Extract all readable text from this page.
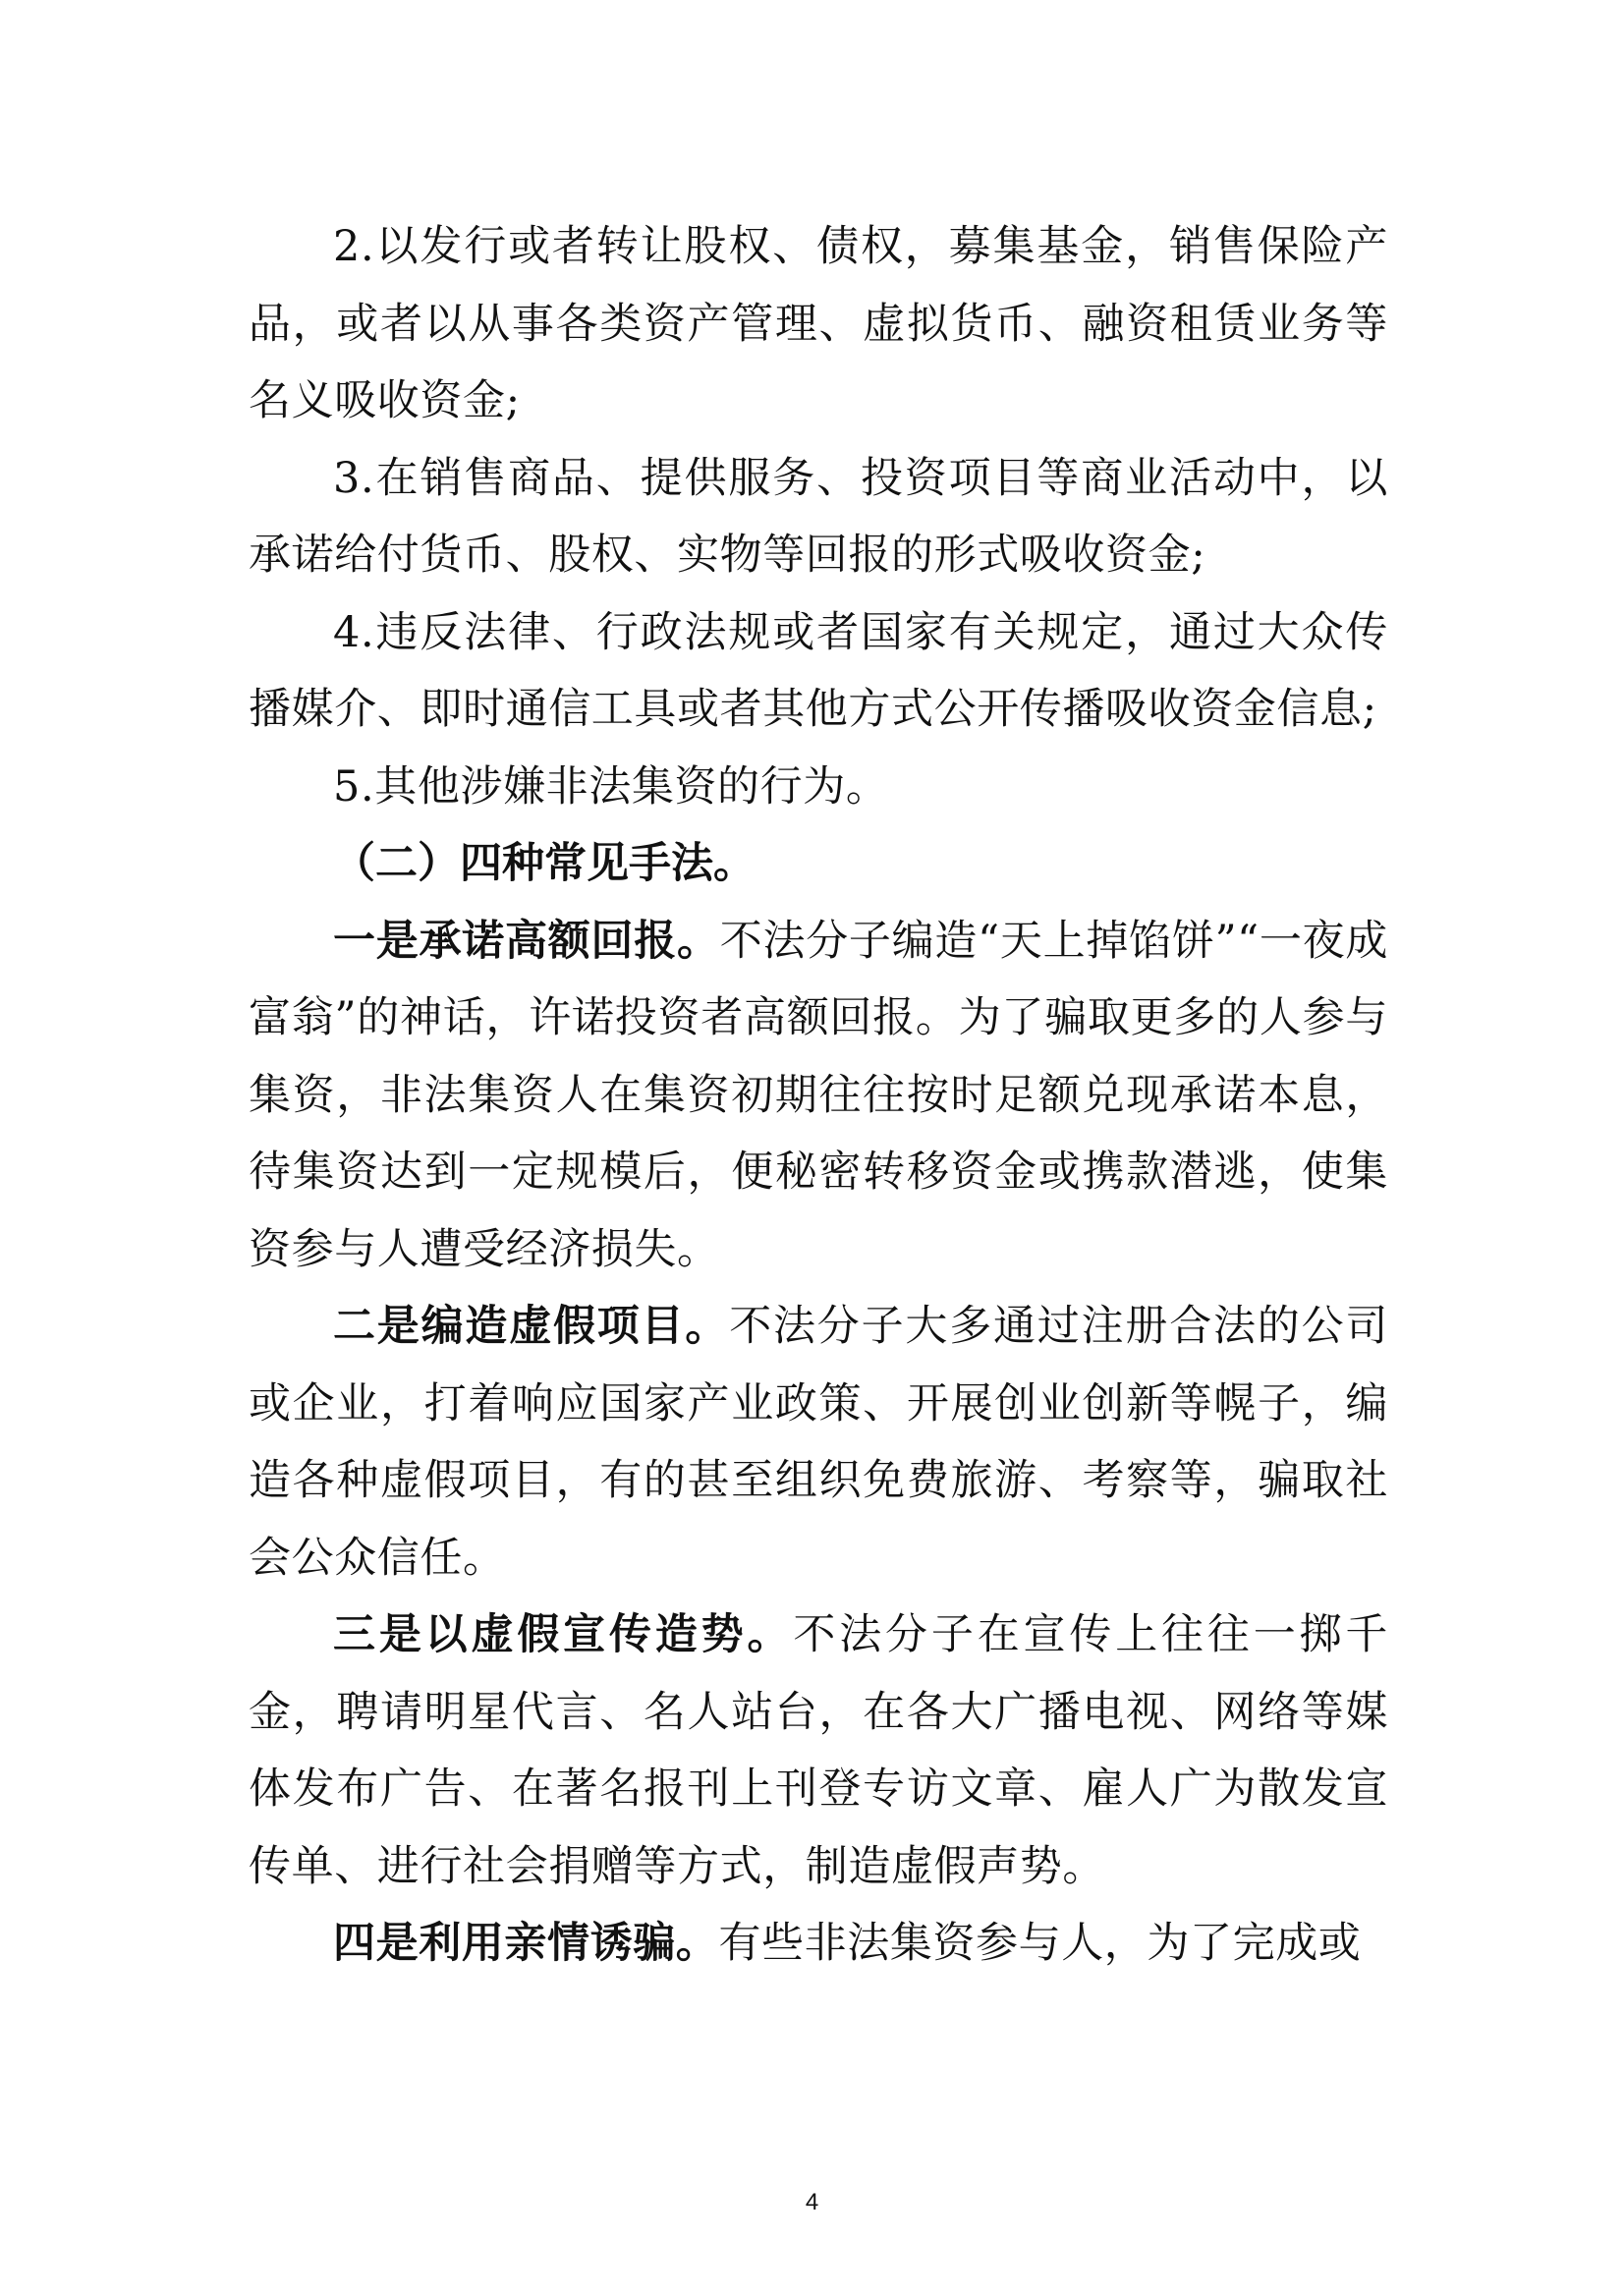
2.以发行或者转让股权、债权，募集基金，销售保险产品，或者以从事各类资产管理、虚拟货币、融资租赁业务等名义吸收资金;

3.在销售商品、提供服务、投资项目等商业活动中，以承诺给付货币、股权、实物等回报的形式吸收资金;

4.违反法律、行政法规或者国家有关规定，通过大众传播媒介、即时通信工具或者其他方式公开传播吸收资金信息;

5.其他涉嫌非法集资的行为。

（二）四种常见手法。

一是承诺高额回报。不法分子编造“天上掉馅饼”“一夜成富翁”的神话，许诺投资者高额回报。为了骗取更多的人参与集资，非法集资人在集资初期往往按时足额兑现承诺本息，待集资达到一定规模后，便秘密转移资金或携款潜逃，使集资参与人遭受经济损失。

二是编造虚假项目。不法分子大多通过注册合法的公司或企业，打着响应国家产业政策、开展创业创新等幌子，编造各种虚假项目，有的甚至组织免费旅游、考察等，骗取社会公众信任。

三是以虚假宣传造势。不法分子在宣传上往往一掷千金，聘请明星代言、名人站台，在各大广播电视、网络等媒体发布广告、在著名报刊上刊登专访文章、雇人广为散发宣传单、进行社会捐赠等方式，制造虚假声势。

四是利用亲情诱骗。有些非法集资参与人，为了完成或

4
